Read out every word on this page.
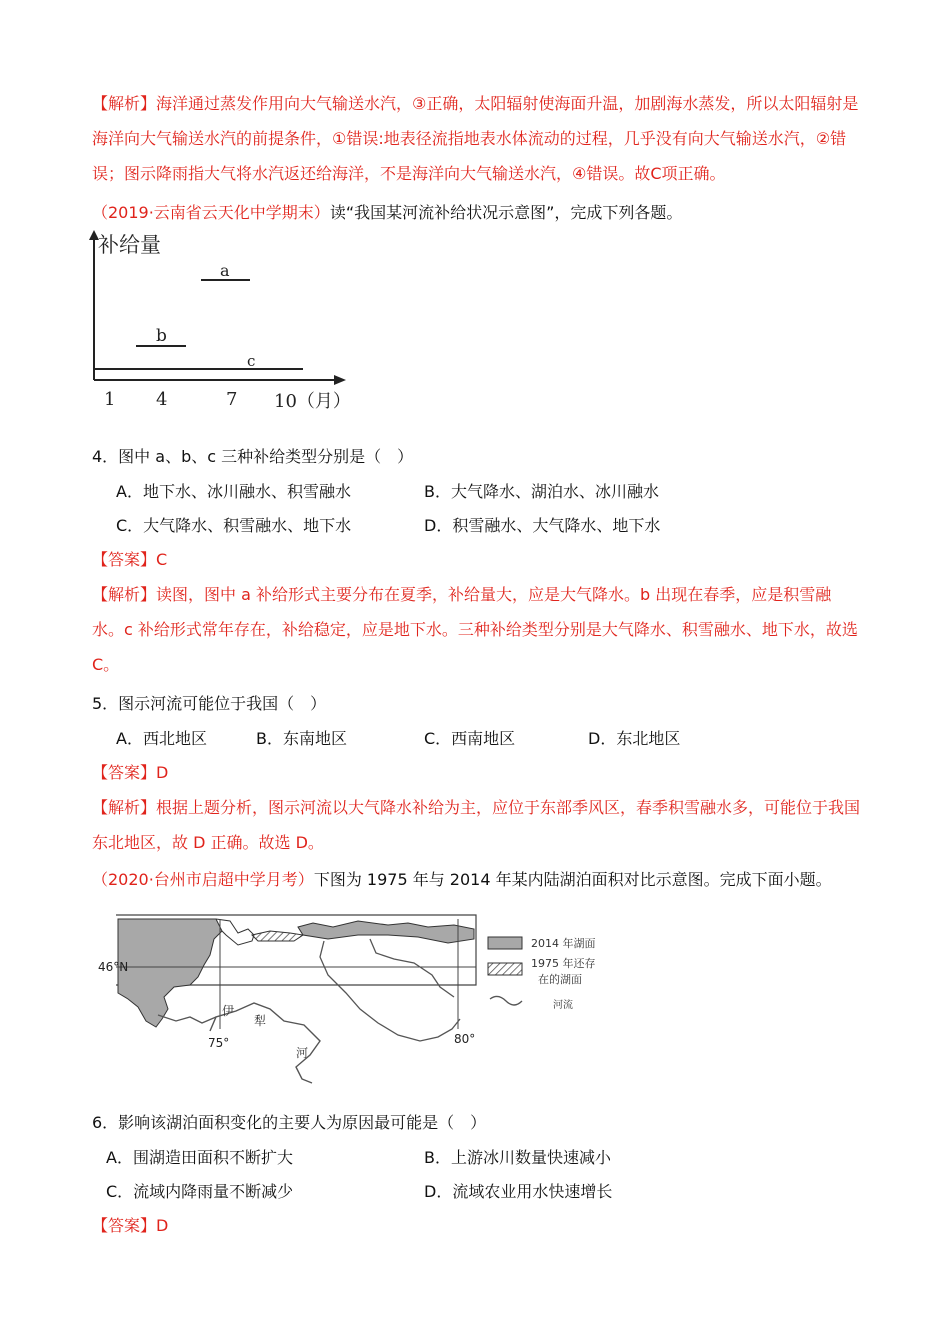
【解析】海洋通过蒸发作用向大气输送水汽，③正确，太阳辐射使海面升温，加剧海水蒸发，所以太阳辐射是海洋向大气输送水汽的前提条件，①错误:地表径流指地表水体流动的过程，几乎没有向大气输送水汽，②错误；图示降雨指大气将水汽返还给海洋，不是海洋向大气输送水汽，④错误。故C项正确。
（2019·云南省云天化中学期末）读“我国某河流补给状况示意图”，完成下列各题。
补给量
a
b
c
1 4	7 10（月）
4．图中 a、b、c 三种补给类型分别是（　）
A．地下水、冰川融水、积雪融水	B．大气降水、湖泊水、冰川融水
C．大气降水、积雪融水、地下水	D．积雪融水、大气降水、地下水
【答案】C
【解析】读图，图中 a 补给形式主要分布在夏季，补给量大，应是大气降水。b 出现在春季，应是积雪融水。c 补给形式常年存在，补给稳定，应是地下水。三种补给类型分别是大气降水、积雪融水、地下水，故选 C。
5．图示河流可能位于我国（　）
A．西北地区	B．东南地区	C．西南地区	D．东北地区
【答案】D
【解析】根据上题分析，图示河流以大气降水补给为主，应位于东部季风区，春季积雪融水多，可能位于我国东北地区，故 D 正确。故选 D。
（2020·台州市启超中学月考）下图为 1975 年与 2014 年某内陆湖泊面积对比示意图。完成下面小题。
46°N
75°	80°
伊
犁
河
2014 年湖面
1975 年还存
在的湖面
河流
6．影响该湖泊面积变化的主要人为原因最可能是（　）
A．围湖造田面积不断扩大	B．上游冰川数量快速减小
C．流域内降雨量不断减少	D．流域农业用水快速增长
【答案】D
